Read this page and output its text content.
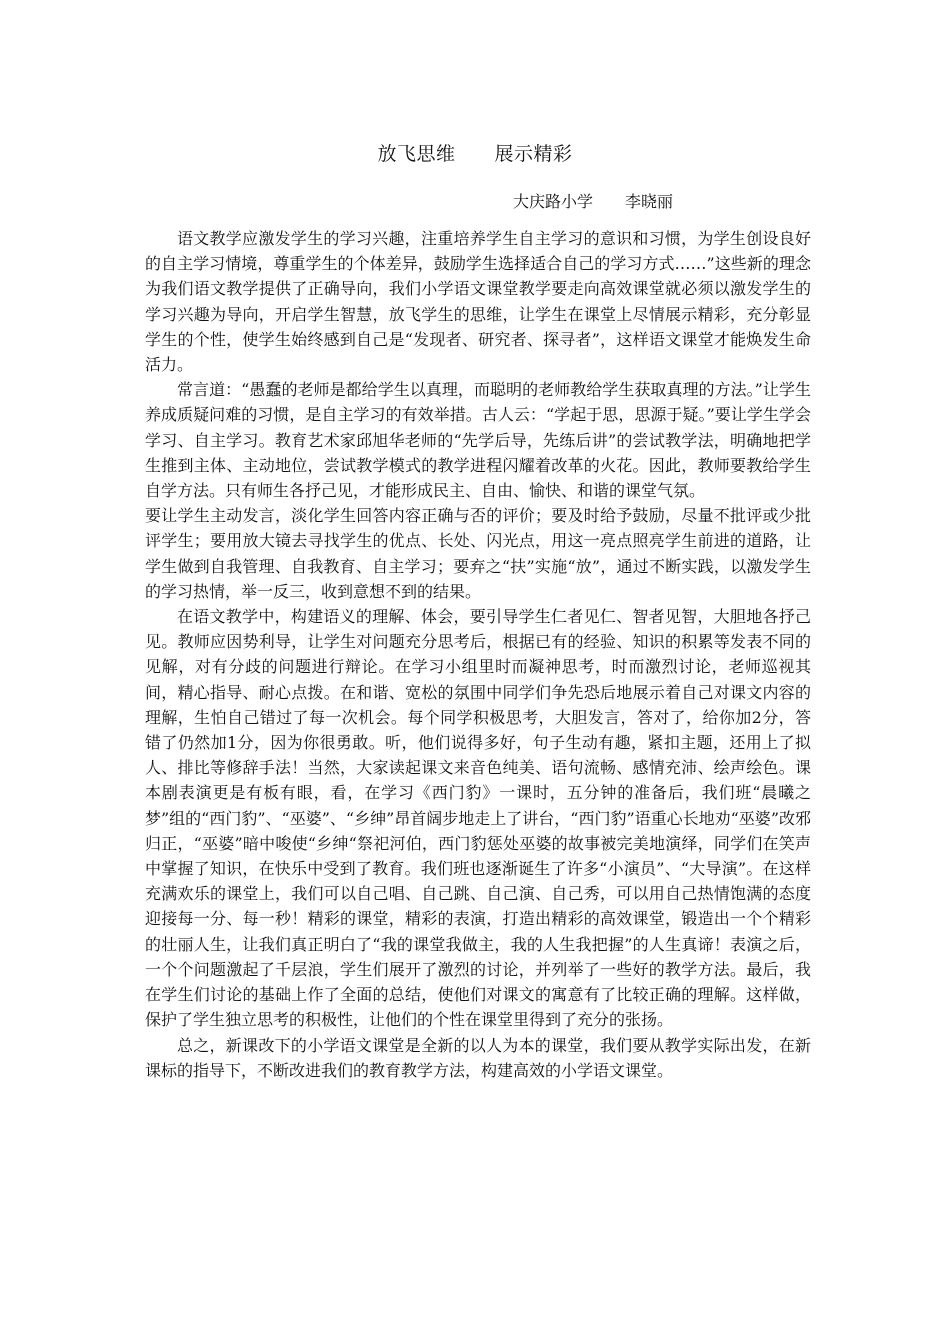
放飞思维　　展示精彩
大庆路小学　　李晓丽

语文教学应激发学生的学习兴趣，注重培养学生自主学习的意识和习惯，为学生创设良好的自主学习情境，尊重学生的个体差异，鼓励学生选择适合自己的学习方式……”这些新的理念为我们语文教学提供了正确导向，我们小学语文课堂教学要走向高效课堂就必须以激发学生的学习兴趣为导向，开启学生智慧，放飞学生的思维，让学生在课堂上尽情展示精彩，充分彰显学生的个性，使学生始终感到自己是“发现者、研究者、探寻者”，这样语文课堂才能焕发生命活力。

常言道：“愚蠢的老师是都给学生以真理，而聪明的老师教给学生获取真理的方法。”让学生养成质疑问难的习惯，是自主学习的有效举措。古人云：“学起于思，思源于疑。”要让学生学会学习、自主学习。教育艺术家邱旭华老师的“先学后导，先练后讲”的尝试教学法，明确地把学生推到主体、主动地位，尝试教学模式的教学进程闪耀着改革的火花。因此，教师要教给学生自学方法。只有师生各抒己见，才能形成民主、自由、愉快、和谐的课堂气氛。

要让学生主动发言，淡化学生回答内容正确与否的评价；要及时给予鼓励，尽量不批评或少批评学生；要用放大镜去寻找学生的优点、长处、闪光点，用这一亮点照亮学生前进的道路，让学生做到自我管理、自我教育、自主学习；要弃之“扶”实施“放”，通过不断实践，以激发学生的学习热情，举一反三，收到意想不到的结果。

在语文教学中，构建语义的理解、体会，要引导学生仁者见仁、智者见智，大胆地各抒己见。教师应因势利导，让学生对问题充分思考后，根据已有的经验、知识的积累等发表不同的见解，对有分歧的问题进行辩论。在学习小组里时而凝神思考，时而激烈讨论，老师巡视其间，精心指导、耐心点拨。在和谐、宽松的氛围中同学们争先恐后地展示着自己对课文内容的理解，生怕自己错过了每一次机会。每个同学积极思考，大胆发言，答对了，给你加2分，答错了仍然加1分，因为你很勇敢。听，他们说得多好，句子生动有趣，紧扣主题，还用上了拟人、排比等修辞手法！当然，大家读起课文来音色纯美、语句流畅、感情充沛、绘声绘色。课本剧表演更是有板有眼，看，在学习《西门豹》一课时，五分钟的准备后，我们班“晨曦之梦”组的“西门豹”、“巫婆”、“乡绅”昂首阔步地走上了讲台，“西门豹”语重心长地劝“巫婆”改邪归正，“巫婆”暗中唆使“乡绅“祭祀河伯，西门豹惩处巫婆的故事被完美地演绎，同学们在笑声中掌握了知识，在快乐中受到了教育。我们班也逐渐诞生了许多“小演员”、“大导演”。在这样充满欢乐的课堂上，我们可以自己唱、自己跳、自己演、自己秀，可以用自己热情饱满的态度迎接每一分、每一秒！精彩的课堂，精彩的表演，打造出精彩的高效课堂，锻造出一个个精彩的壮丽人生，让我们真正明白了“我的课堂我做主，我的人生我把握”的人生真谛！表演之后，一个个问题激起了千层浪，学生们展开了激烈的讨论，并列举了一些好的教学方法。最后，我在学生们讨论的基础上作了全面的总结，使他们对课文的寓意有了比较正确的理解。这样做，保护了学生独立思考的积极性，让他们的个性在课堂里得到了充分的张扬。

总之，新课改下的小学语文课堂是全新的以人为本的课堂，我们要从教学实际出发，在新课标的指导下，不断改进我们的教育教学方法，构建高效的小学语文课堂。
